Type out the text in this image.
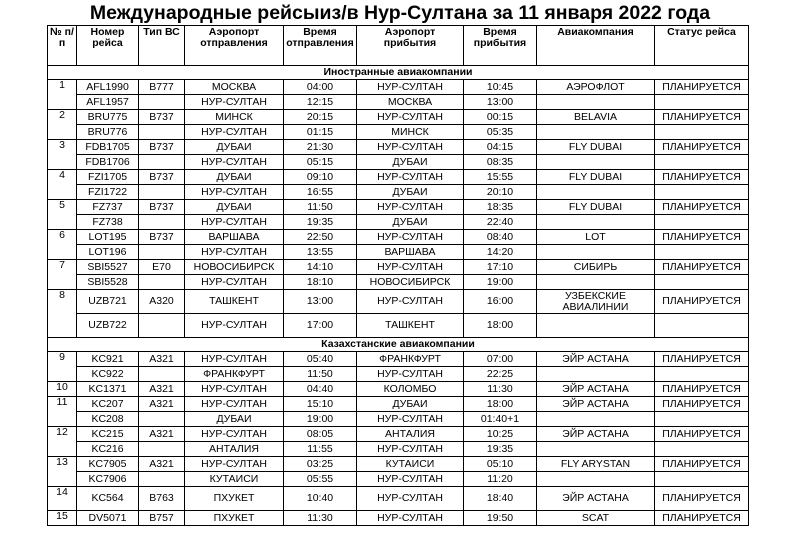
Международные рейсыиз/в Нур-Султана за 11 января 2022 года
№ п/п	Номер рейса	Тип ВС	Аэропорт отправления	Время отправления	Аэропорт прибытия	Время прибытия	Авиакомпания	Статус рейса
Иностранные авиакомпании								
1	AFL1990	B777	МОСКВА	04:00	НУР-СУЛТАН	10:45	АЭРОФЛОТ	ПЛАНИРУЕТСЯ
	AFL1957		НУР-СУЛТАН	12:15	МОСКВА	13:00		
2	BRU775	B737	МИНСК	20:15	НУР-СУЛТАН	00:15	BELAVIA	ПЛАНИРУЕТСЯ
	BRU776		НУР-СУЛТАН	01:15	МИНСК	05:35		
3	FDB1705	B737	ДУБАИ	21:30	НУР-СУЛТАН	04:15	FLY DUBAI	ПЛАНИРУЕТСЯ
	FDB1706		НУР-СУЛТАН	05:15	ДУБАИ	08:35		
4	FZI1705	B737	ДУБАИ	09:10	НУР-СУЛТАН	15:55	FLY DUBAI	ПЛАНИРУЕТСЯ
	FZI1722		НУР-СУЛТАН	16:55	ДУБАИ	20:10		
5	FZ737	B737	ДУБАИ	11:50	НУР-СУЛТАН	18:35	FLY DUBAI	ПЛАНИРУЕТСЯ
	FZ738		НУР-СУЛТАН	19:35	ДУБАИ	22:40		
6	LOT195	B737	ВАРШАВА	22:50	НУР-СУЛТАН	08:40	LOT	ПЛАНИРУЕТСЯ
	LOT196		НУР-СУЛТАН	13:55	ВАРШАВА	14:20		
7	SBI5527	E70	НОВОСИБИРСК	14:10	НУР-СУЛТАН	17:10	СИБИРЬ	ПЛАНИРУЕТСЯ
	SBI5528		НУР-СУЛТАН	18:10	НОВОСИБИРСК	19:00		
8	UZB721	A320	ТАШКЕНТ	13:00	НУР-СУЛТАН	16:00	УЗБЕКСКИЕ АВИАЛИНИИ	ПЛАНИРУЕТСЯ
	UZB722		НУР-СУЛТАН	17:00	ТАШКЕНТ	18:00		
Казахстанские авиакомпании								
9	KC921	A321	НУР-СУЛТАН	05:40	ФРАНКФУРТ	07:00	ЭЙР АСТАНА	ПЛАНИРУЕТСЯ
	KC922		ФРАНКФУРТ	11:50	НУР-СУЛТАН	22:25		
10	KC1371	A321	НУР-СУЛТАН	04:40	КОЛОМБО	11:30	ЭЙР АСТАНА	ПЛАНИРУЕТСЯ
11	KC207	A321	НУР-СУЛТАН	15:10	ДУБАИ	18:00	ЭЙР АСТАНА	ПЛАНИРУЕТСЯ
	KC208		ДУБАИ	19:00	НУР-СУЛТАН	01:40+1		
12	KC215	A321	НУР-СУЛТАН	08:05	АНТАЛИЯ	10:25	ЭЙР АСТАНА	ПЛАНИРУЕТСЯ
	KC216		АНТАЛИЯ	11:55	НУР-СУЛТАН	19:35		
13	KC7905	A321	НУР-СУЛТАН	03:25	КУТАИСИ	05:10	FLY ARYSTAN	ПЛАНИРУЕТСЯ
	KC7906		КУТАИСИ	05:55	НУР-СУЛТАН	11:20		
14	KC564	B763	ПХУКЕТ	10:40	НУР-СУЛТАН	18:40	ЭЙР АСТАНА	ПЛАНИРУЕТСЯ
15	DV5071	B757	ПХУКЕТ	11:30	НУР-СУЛТАН	19:50	SCAT	ПЛАНИРУЕТСЯ
